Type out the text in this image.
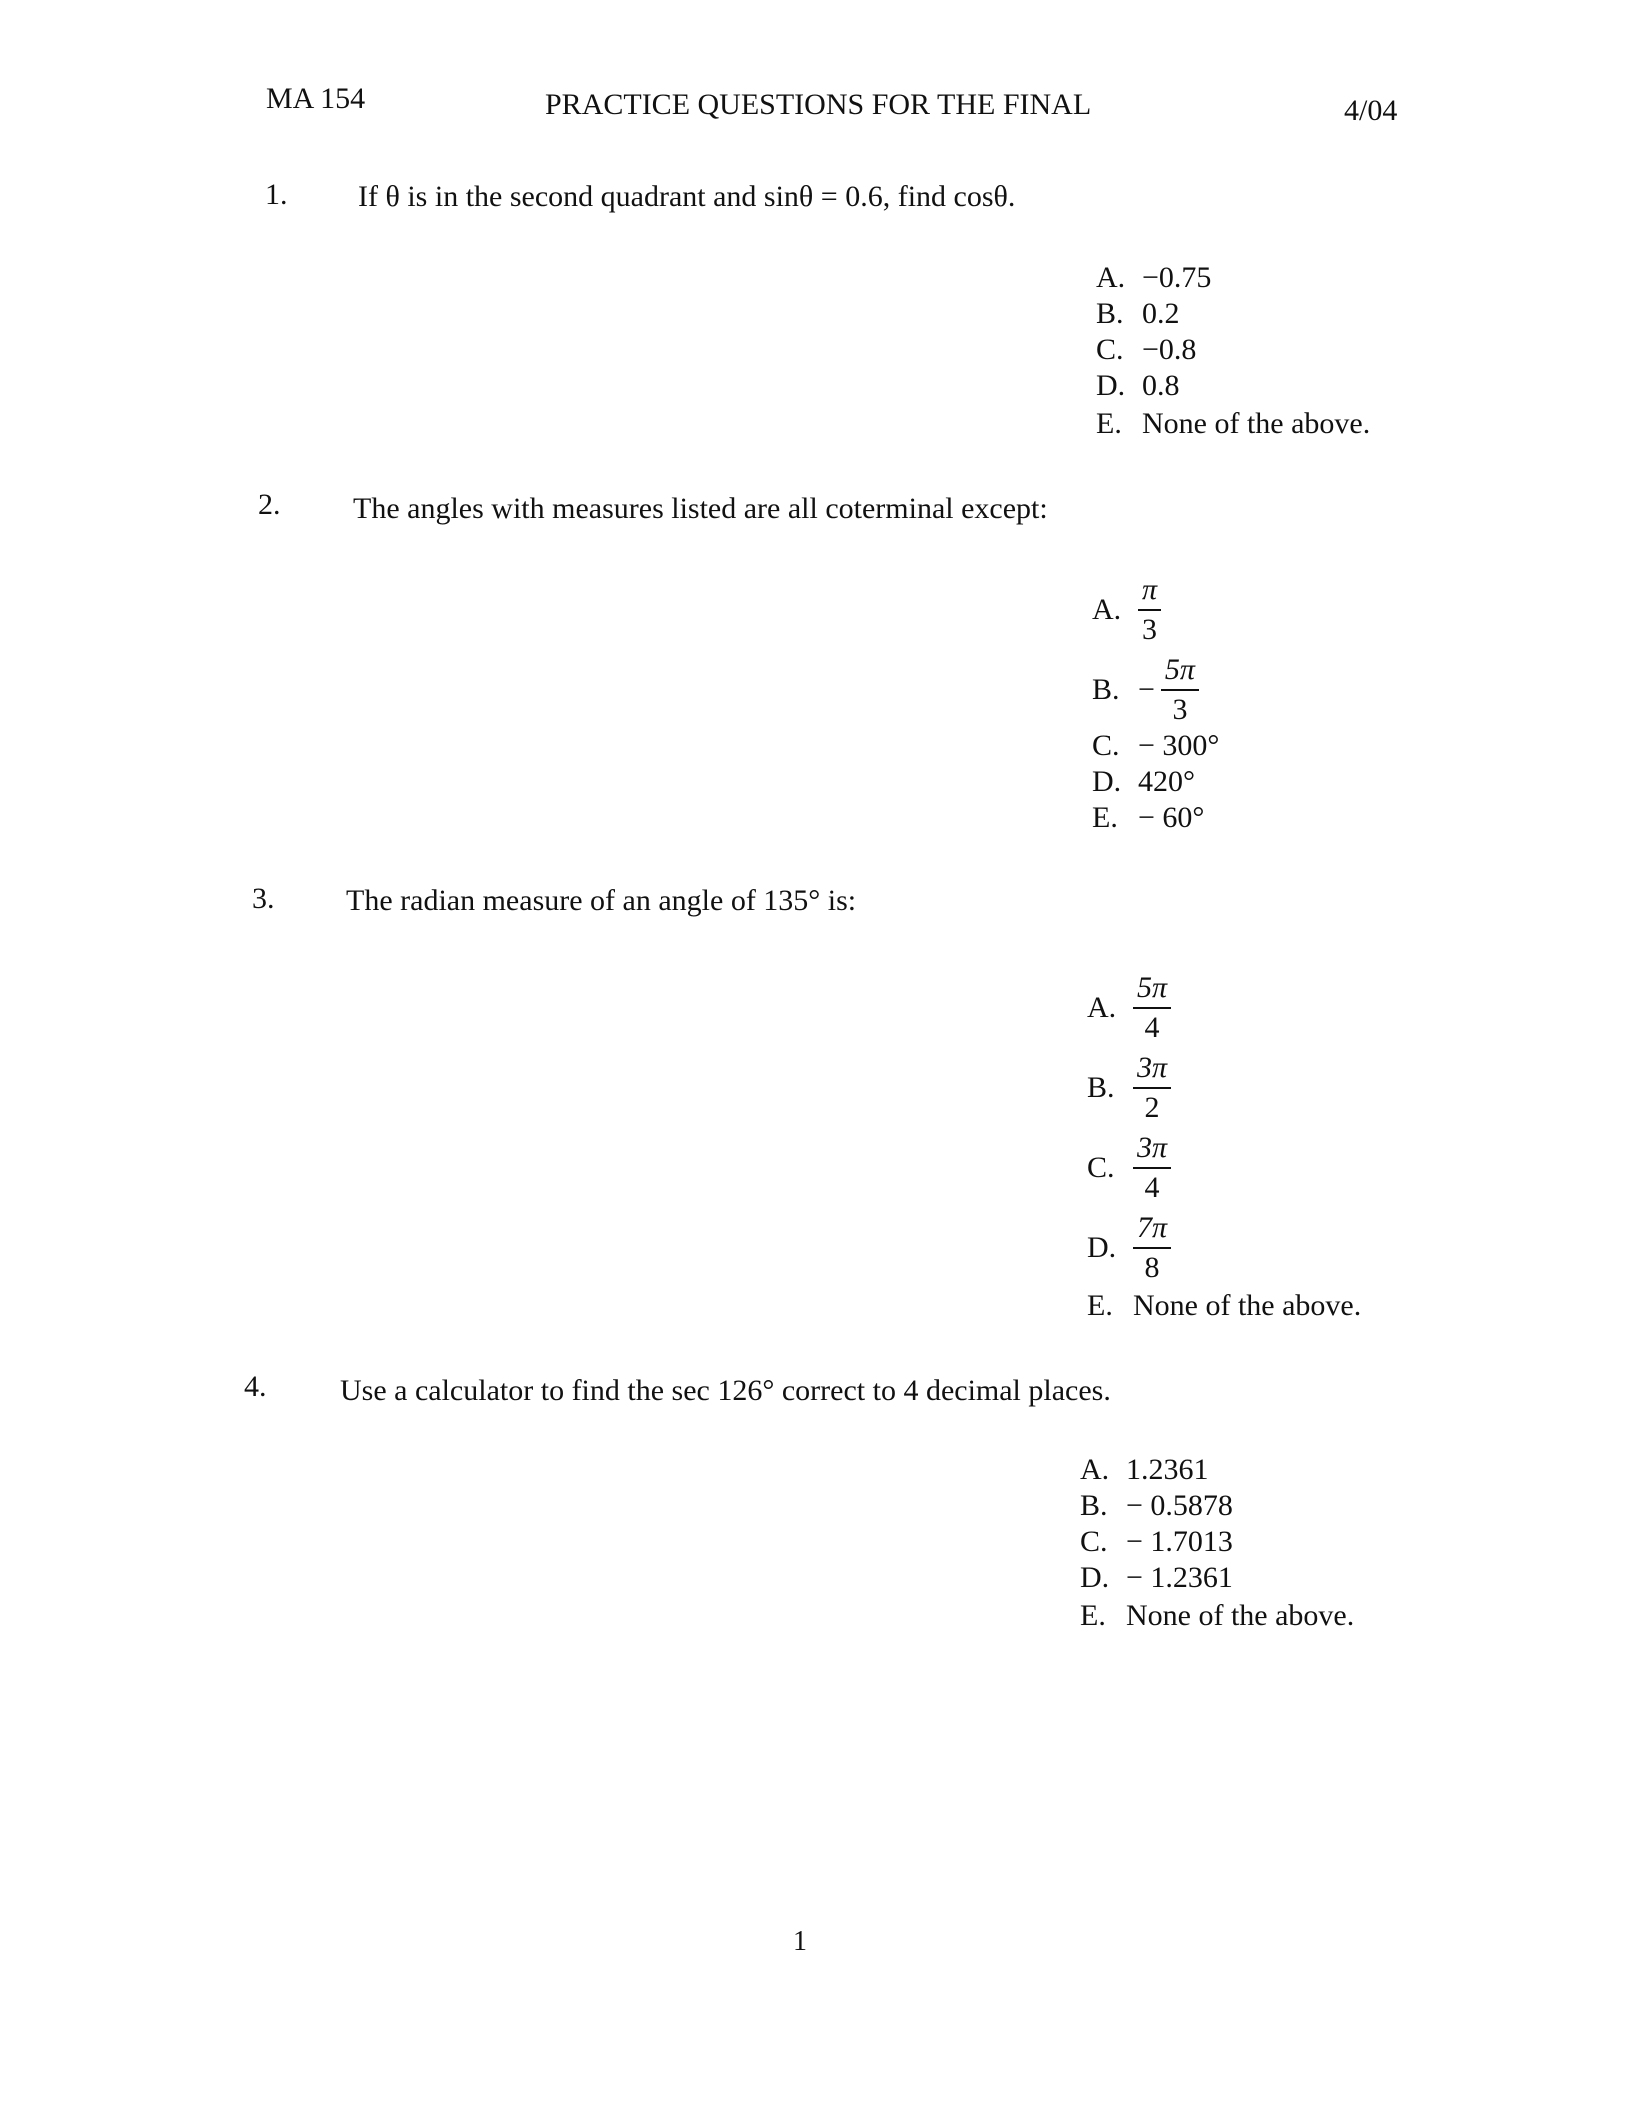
MA 154	PRACTICE QUESTIONS FOR THE FINAL	4/04
1. If θ is in the second quadrant and sinθ = 0.6, find cosθ.
A. −0.75
B. 0.2
C. −0.8
D. 0.8
E. None of the above.
2. The angles with measures listed are all coterminal except:
A. $\frac{\pi}{3}$
B. − $\frac{5\pi}{3}$
C. − 300°
D. 420°
E. − 60°
3. The radian measure of an angle of 135° is:
A. $\frac{5\pi}{4}$
B. $\frac{3\pi}{2}$
C. $\frac{3\pi}{4}$
D. $\frac{7\pi}{8}$
E. None of the above.
4. Use a calculator to find the sec 126° correct to 4 decimal places.
A. 1.2361
B. − 0.5878
C. − 1.7013
D. − 1.2361
E. None of the above.
1
